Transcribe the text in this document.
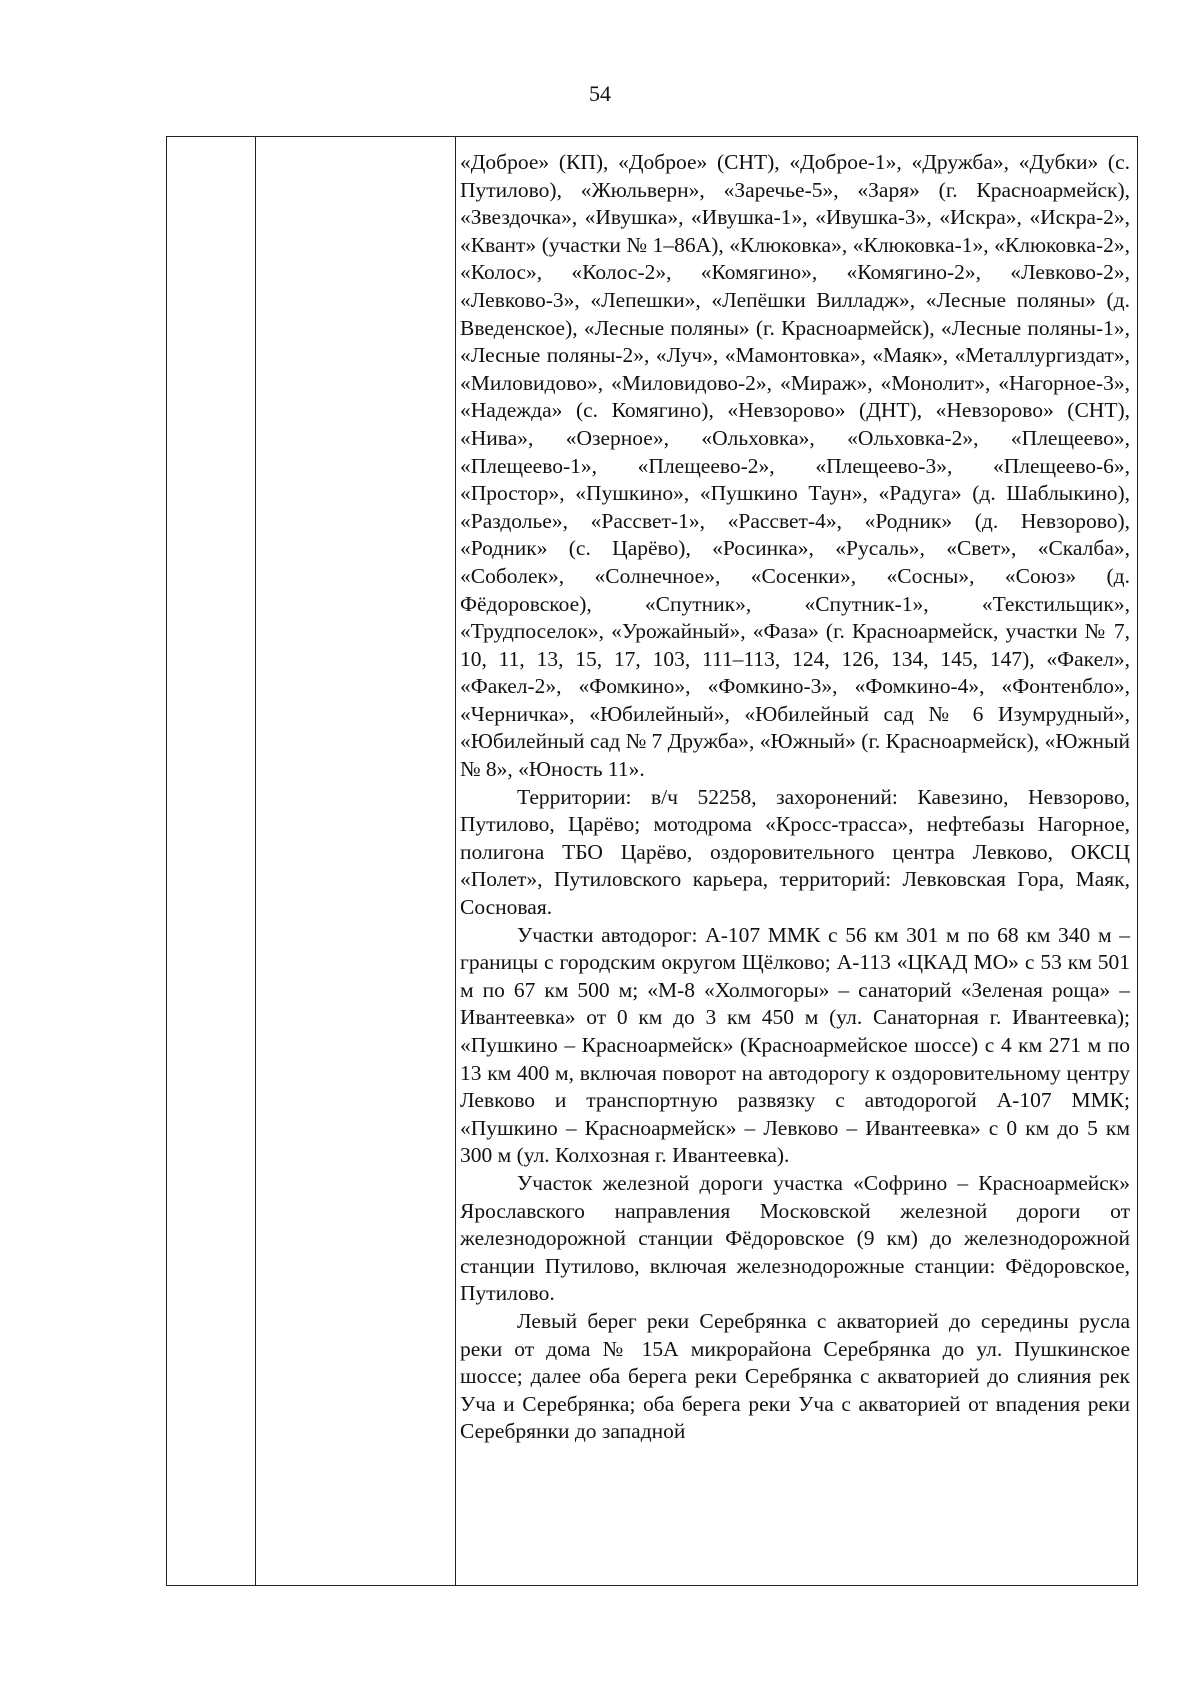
54

«Доброе» (КП), «Доброе» (СНТ), «Доброе-1», «Дружба», «Дубки» (с. Путилово), «Жюльверн», «Заречье-5», «Заря» (г. Красноармейск), «Звездочка», «Ивушка», «Ивушка-1», «Ивушка-3», «Искра», «Искра-2», «Квант» (участки № 1–86А), «Клюковка», «Клюковка-1», «Клюковка-2», «Колос», «Колос-2», «Комягино», «Комягино-2», «Левково-2», «Левково-3», «Лепешки», «Лепёшки Вилладж», «Лесные поляны» (д. Введенское), «Лесные поляны» (г. Красноармейск), «Лесные поляны-1», «Лесные поляны-2», «Луч», «Мамонтовка», «Маяк», «Металлургиздат», «Миловидово», «Миловидово-2», «Мираж», «Монолит», «Нагорное-3», «Надежда» (с. Комягино), «Невзорово» (ДНТ), «Невзорово» (СНТ), «Нива», «Озерное», «Ольховка», «Ольховка-2», «Плещеево», «Плещеево-1», «Плещеево-2», «Плещеево-3», «Плещеево-6», «Простор», «Пушкино», «Пушкино Таун», «Радуга» (д. Шаблыкино), «Раздолье», «Рассвет-1», «Рассвет-4», «Родник» (д. Невзорово), «Родник» (с. Царёво), «Росинка», «Русаль», «Свет», «Скалба», «Соболек», «Солнечное», «Сосенки», «Сосны», «Союз» (д. Фёдоровское), «Спутник», «Спутник-1», «Текстильщик», «Трудпоселок», «Урожайный», «Фаза» (г. Красноармейск, участки № 7, 10, 11, 13, 15, 17, 103, 111–113, 124, 126, 134, 145, 147), «Факел», «Факел-2», «Фомкино», «Фомкино-3», «Фомкино-4», «Фонтенбло», «Черничка», «Юбилейный», «Юбилейный сад № 6 Изумрудный», «Юбилейный сад № 7 Дружба», «Южный» (г. Красноармейск), «Южный № 8», «Юность 11».

Территории: в/ч 52258, захоронений: Кавезино, Невзорово, Путилово, Царёво; мотодрома «Кросс-трасса», нефтебазы Нагорное, полигона ТБО Царёво, оздоровительного центра Левково, ОКСЦ «Полет», Путиловского карьера, территорий: Левковская Гора, Маяк, Сосновая.

Участки автодорог: А-107 ММК с 56 км 301 м по 68 км 340 м – границы с городским округом Щёлково; А-113 «ЦКАД МО» с 53 км 501 м по 67 км 500 м; «М-8 «Холмогоры» – санаторий «Зеленая роща» – Ивантеевка» от 0 км до 3 км 450 м (ул. Санаторная г. Ивантеевка); «Пушкино – Красноармейск» (Красноармейское шоссе) с 4 км 271 м по 13 км 400 м, включая поворот на автодорогу к оздоровительному центру Левково и транспортную развязку с автодорогой А-107 ММК; «Пушкино – Красноармейск» – Левково – Ивантеевка» с 0 км до 5 км 300 м (ул. Колхозная г. Ивантеевка).

Участок железной дороги участка «Софрино – Красноармейск» Ярославского направления Московской железной дороги от железнодорожной станции Фёдоровское (9 км) до железнодорожной станции Путилово, включая железнодорожные станции: Фёдоровское, Путилово.

Левый берег реки Серебрянка с акваторией до середины русла реки от дома № 15А микрорайона Серебрянка до ул. Пушкинское шоссе; далее оба берега реки Серебрянка с акваторией до слияния рек Уча и Серебрянка; оба берега реки Уча с акваторией от впадения реки Серебрянки до западной
